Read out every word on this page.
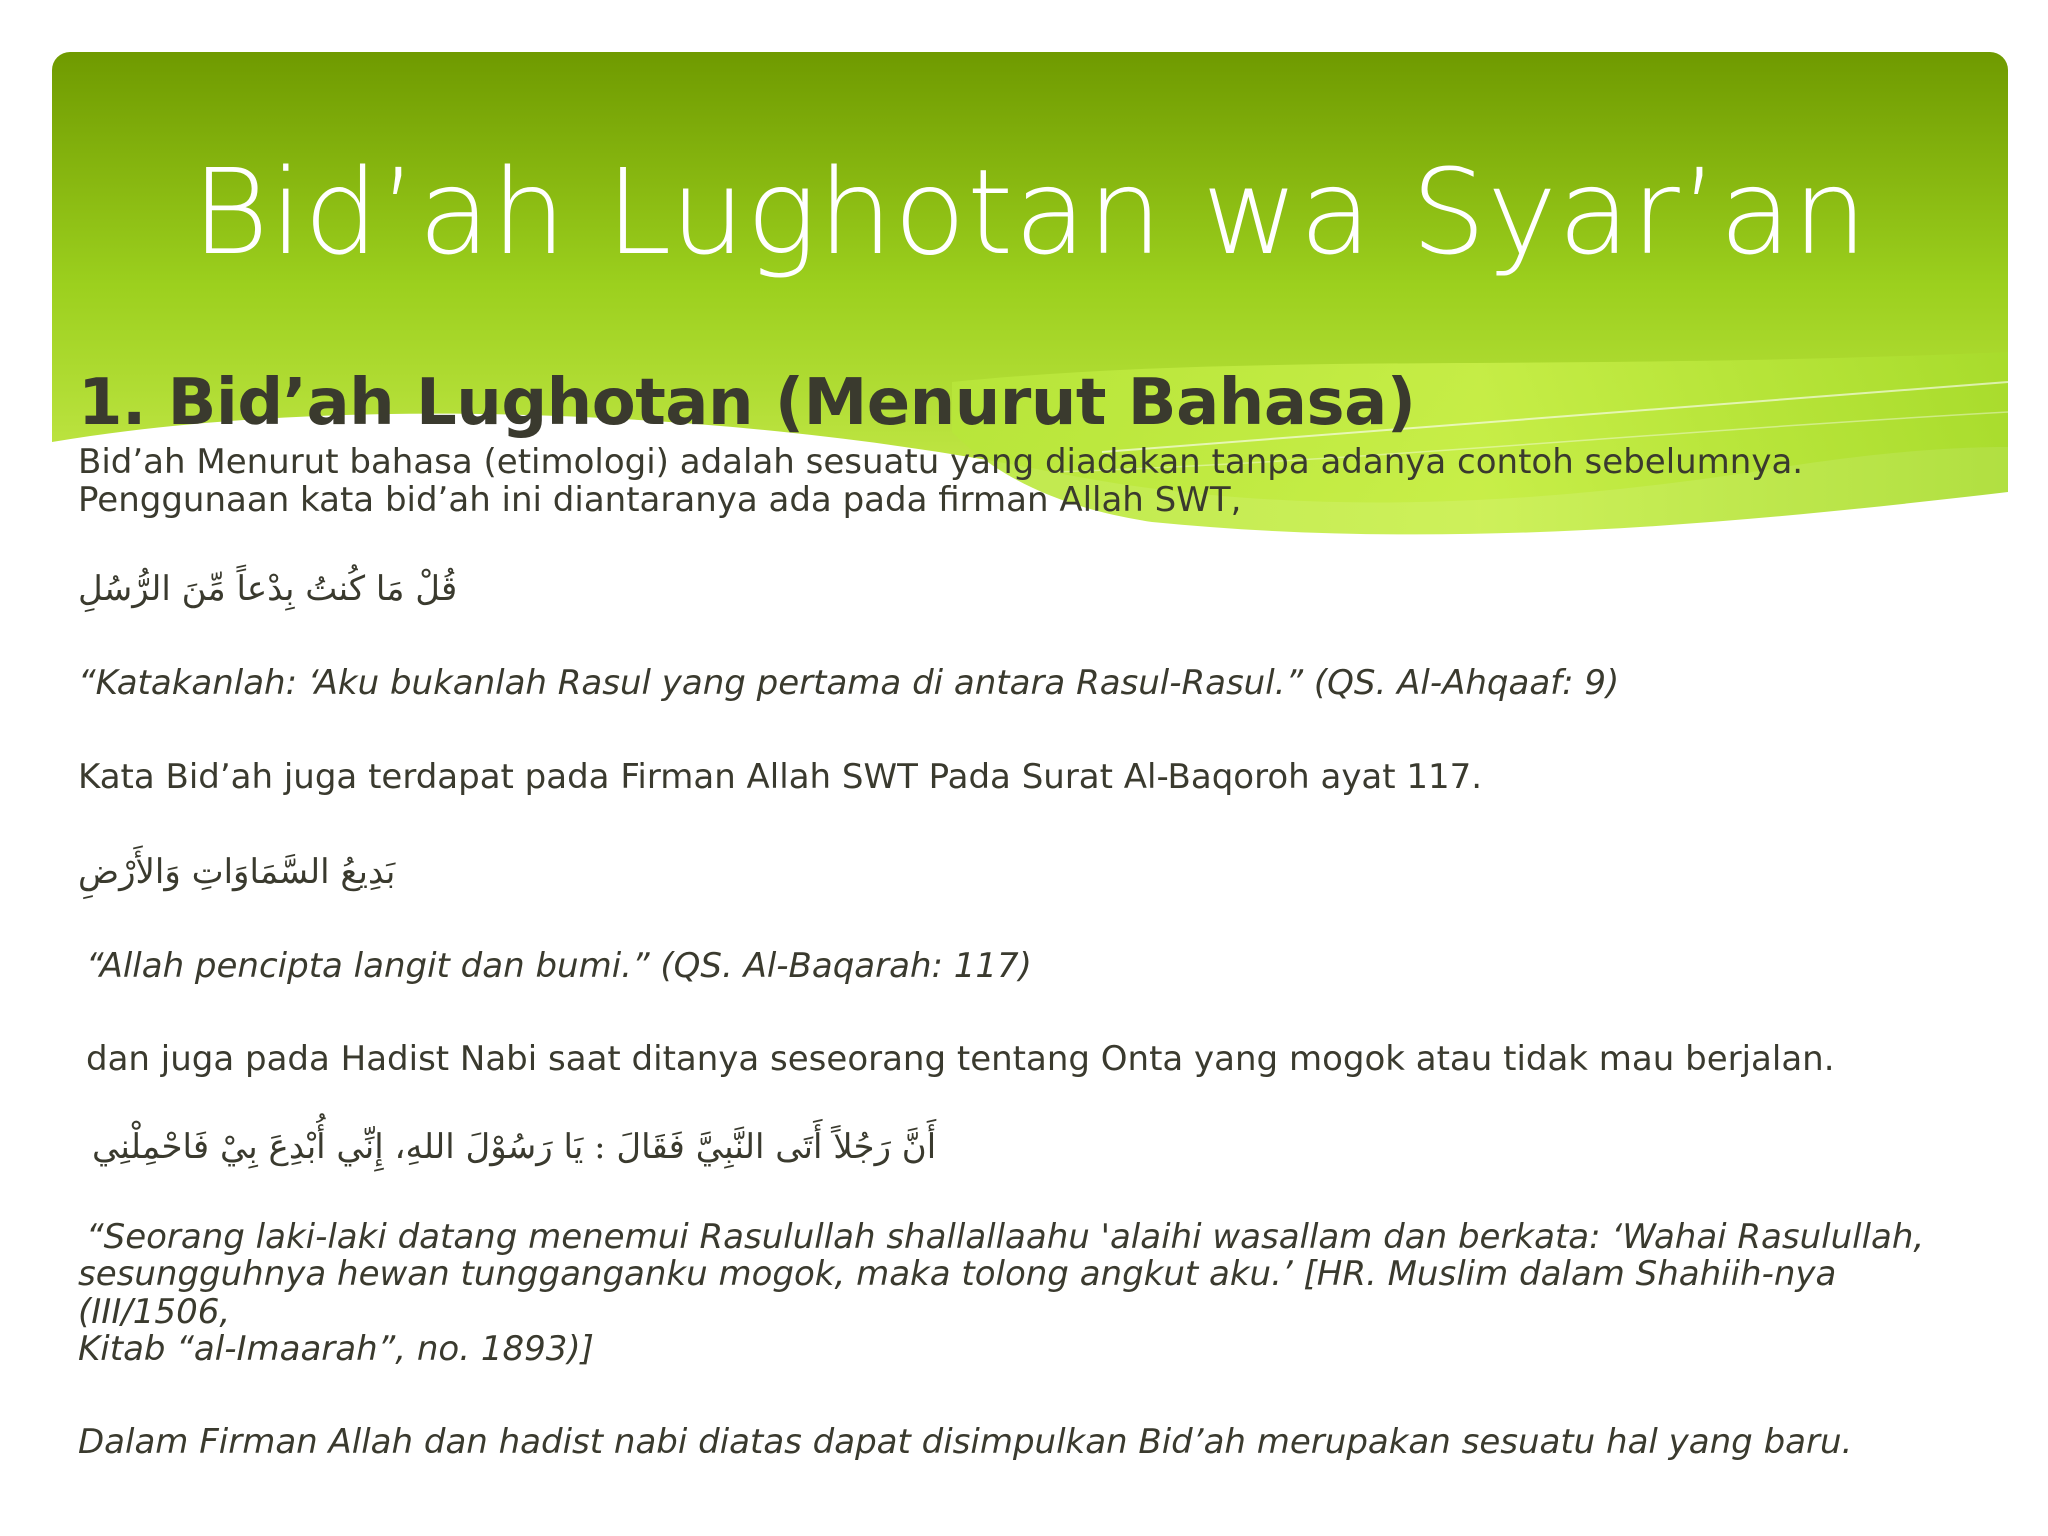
Bid’ah Lughotan wa Syar’an
1. Bid’ah Lughotan (Menurut Bahasa)

Bid’ah Menurut bahasa (etimologi) adalah sesuatu yang diadakan tanpa adanya contoh sebelumnya.

Penggunaan kata bid’ah ini diantaranya ada pada firman Allah SWT,

قُلْ مَا كُنتُ بِدْعاً مِّنَ الرُّسُلِ

“Katakanlah: ‘Aku bukanlah Rasul yang pertama di antara Rasul-Rasul.” (QS. Al-Ahqaaf: 9)

Kata Bid’ah juga terdapat pada Firman Allah SWT Pada Surat Al-Baqoroh ayat 117.

بَدِيعُ السَّمَاوَاتِ وَالأَرْضِ

“Allah pencipta langit dan bumi.” (QS. Al-Baqarah: 117)

dan juga pada Hadist Nabi saat ditanya seseorang tentang Onta yang mogok atau tidak mau berjalan.

أَنَّ رَجُلاً أَتَى النَّبِيَّ فَقَالَ : يَا رَسُوْلَ اللهِ، إِنِّي أُبْدِعَ بِيْ فَاحْمِلْنِي

“Seorang laki-laki datang menemui Rasulullah shallallaahu 'alaihi wasallam dan berkata: ‘Wahai Rasulullah,

sesungguhnya hewan tungganganku mogok, maka tolong angkut aku.’ [HR. Muslim dalam Shahiih-nya (III/1506,

Kitab “al-Imaarah”, no. 1893)]

Dalam Firman Allah dan hadist nabi diatas dapat disimpulkan Bid’ah merupakan sesuatu hal yang baru.
